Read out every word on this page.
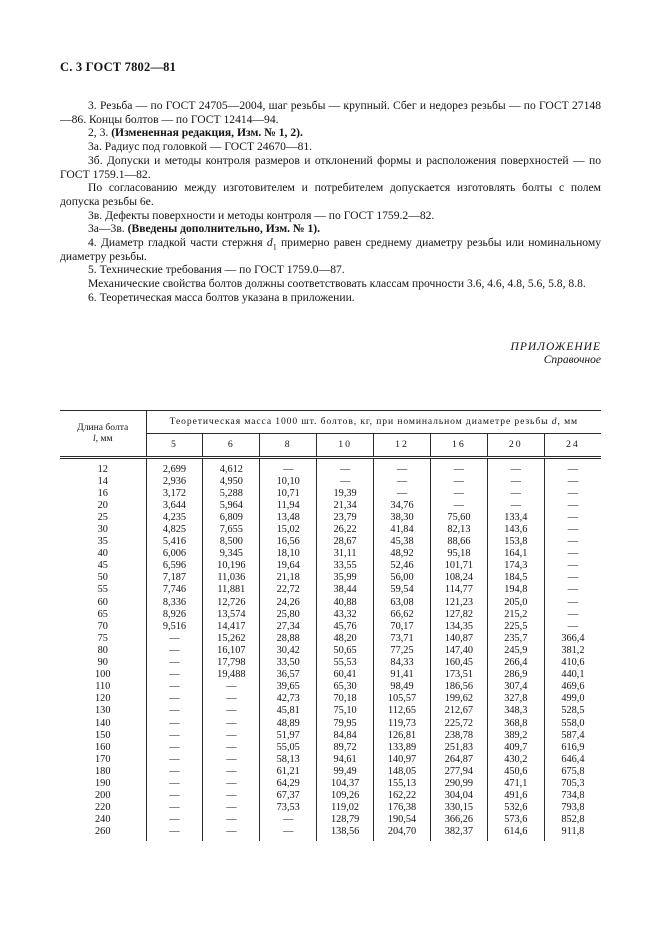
С. 3 ГОСТ 7802—81

3. Резьба — по ГОСТ 24705—2004, шаг резьбы — крупный. Сбег и недорез резьбы — по ГОСТ 27148—86. Концы болтов — по ГОСТ 12414—94.

2, 3. (Измененная редакция, Изм. № 1, 2).

3а. Радиус под головкой — ГОСТ 24670—81.

3б. Допуски и методы контроля размеров и отклонений формы и расположения поверхностей — по ГОСТ 1759.1—82.

По согласованию между изготовителем и потребителем допускается изготовлять болты с полем допуска резьбы 6е.

3в. Дефекты поверхности и методы контроля — по ГОСТ 1759.2—82.

3а—3в. (Введены дополнительно, Изм. № 1).

4. Диаметр гладкой части стержня $d_1$ примерно равен среднему диаметру резьбы или номинальному диаметру резьбы.

5. Технические требования — по ГОСТ 1759.0—87.

Механические свойства болтов должны соответствовать классам прочности 3.6, 4.6, 4.8, 5.6, 5.8, 8.8.

6. Теоретическая масса болтов указана в приложении.

ПРИЛОЖЕНИЕ
Справочное
Длина болта
l, мм	Теоретическая масса 1000 шт. болтов, кг, при номинальном диаметре резьбы d, мм							
	5	6	8	10	12	16	20	24
12	2,699	4,612	—	—	—	—	—	—
14	2,936	4,950	10,10	—	—	—	—	—
16	3,172	5,288	10,71	19,39	—	—	—	—
20	3,644	5,964	11,94	21,34	34,76	—	—	—
25	4,235	6,809	13,48	23,79	38,30	75,60	133,4	—
30	4,825	7,655	15,02	26,22	41,84	82,13	143,6	—
35	5,416	8,500	16,56	28,67	45,38	88,66	153,8	—
40	6,006	9,345	18,10	31,11	48,92	95,18	164,1	—
45	6,596	10,196	19,64	33,55	52,46	101,71	174,3	—
50	7,187	11,036	21,18	35,99	56,00	108,24	184,5	—
55	7,746	11,881	22,72	38,44	59,54	114,77	194,8	—
60	8,336	12,726	24,26	40,88	63,08	121,23	205,0	—
65	8,926	13,574	25,80	43,32	66,62	127,82	215,2	—
70	9,516	14,417	27,34	45,76	70,17	134,35	225,5	—
75	—	15,262	28,88	48,20	73,71	140,87	235,7	366,4
80	—	16,107	30,42	50,65	77,25	147,40	245,9	381,2
90	—	17,798	33,50	55,53	84,33	160,45	266,4	410,6
100	—	19,488	36,57	60,41	91,41	173,51	286,9	440,1
110	—	—	39,65	65,30	98,49	186,56	307,4	469,6
120	—	—	42,73	70,18	105,57	199,62	327,8	499,0
130	—	—	45,81	75,10	112,65	212,67	348,3	528,5
140	—	—	48,89	79,95	119,73	225,72	368,8	558,0
150	—	—	51,97	84,84	126,81	238,78	389,2	587,4
160	—	—	55,05	89,72	133,89	251,83	409,7	616,9
170	—	—	58,13	94,61	140,97	264,87	430,2	646,4
180	—	—	61,21	99,49	148,05	277,94	450,6	675,8
190	—	—	64,29	104,37	155,13	290,99	471,1	705,3
200	—	—	67,37	109,26	162,22	304,04	491,6	734,8
220	—	—	73,53	119,02	176,38	330,15	532,6	793,8
240	—	—	—	128,79	190,54	366,26	573,6	852,8
260	—	—	—	138,56	204,70	382,37	614,6	911,8
